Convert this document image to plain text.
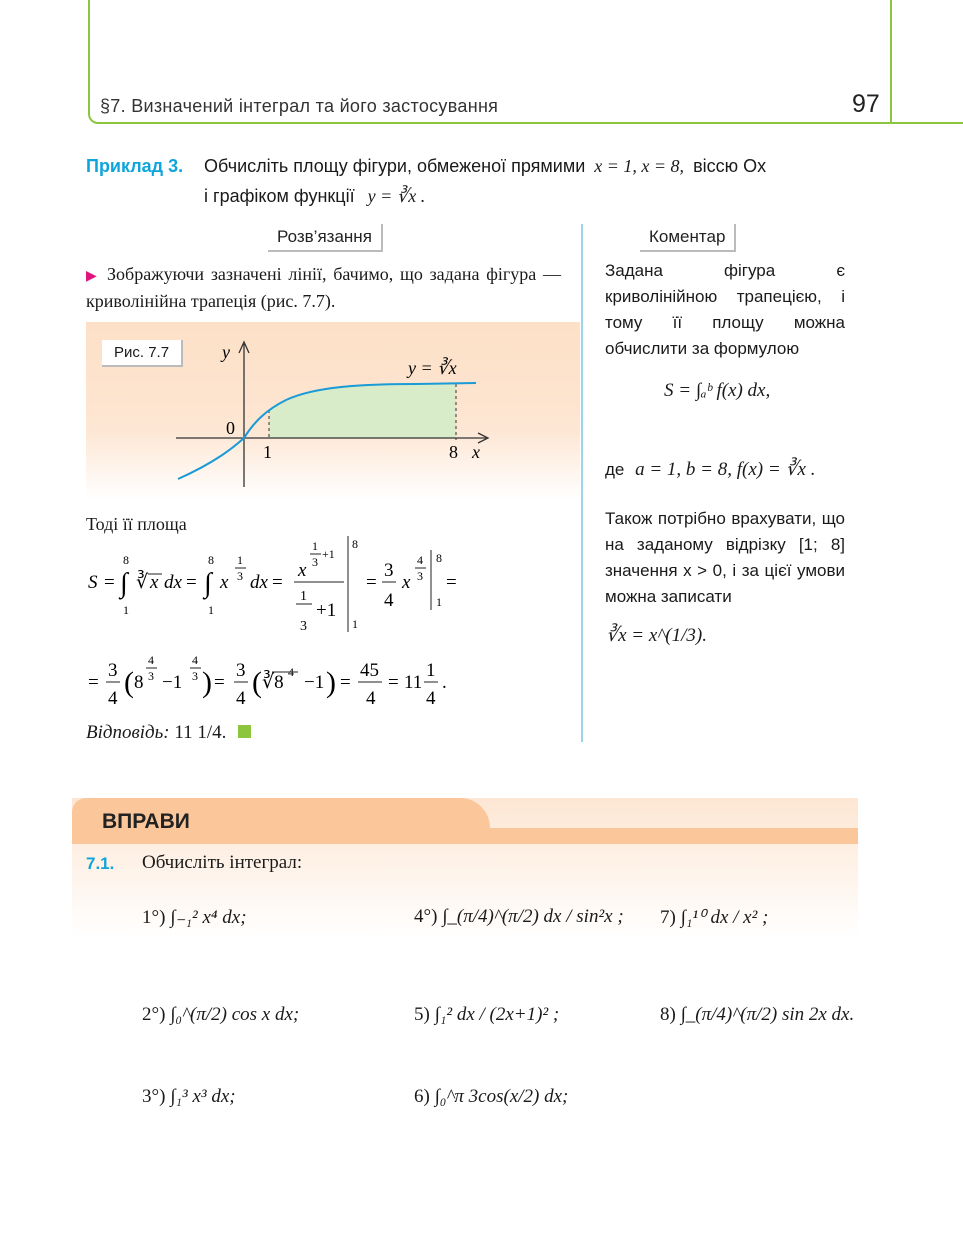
§7. Визначений інтеграл та його застосування	97
Приклад 3. Обчисліть площу фігури, обмеженої прямими x = 1, x = 8, віссю Ox
і графіком функції y = ∛x .
Розв’язання	Коментар
▶ Зображуючи зазначені лінії, бачимо, що задана фігура — криволінійна трапеція (рис. 7.7).
Рис. 7.7	y
x
0
1	8
y = ∛x
Тоді її площа
S = ∫
8
1
∛ x dx = ∫
8
1
x
1
3 dx =
x
1
3
+1
1
3
+1
8
1
=
3
4
x
4
3
8
1
=
=
3
4 ( 8
4
3 −1
4
3 ) =
3
4 ( ∛8 4 −1 ) =
45
4
= 11
1
4
.
Відповідь: 11 1/4.
Задана фігура є криволінійною трапецією, і тому її площу можна обчислити за формулою
S = ∫ₐᵇ f(x) dx,
де a = 1, b = 8, f(x) = ∛x .
Також потрібно врахувати, що на заданому відрізку [1; 8] значення x > 0, і за цієї умови можна записати
∛x = x^(1/3).
ВПРАВИ
7.1. Обчисліть інтеграл:
1°) ∫₋₁² x⁴ dx;
2°) ∫₀^(π/2) cos x dx;
3°) ∫₁³ x³ dx;
4°) ∫_(π/4)^(π/2) dx / sin²x ;
5) ∫₁² dx / (2x+1)² ;
6) ∫₀^π 3cos(x/2) dx;
7) ∫₁¹⁰ dx / x² ;
8) ∫_(π/4)^(π/2) sin 2x dx.
